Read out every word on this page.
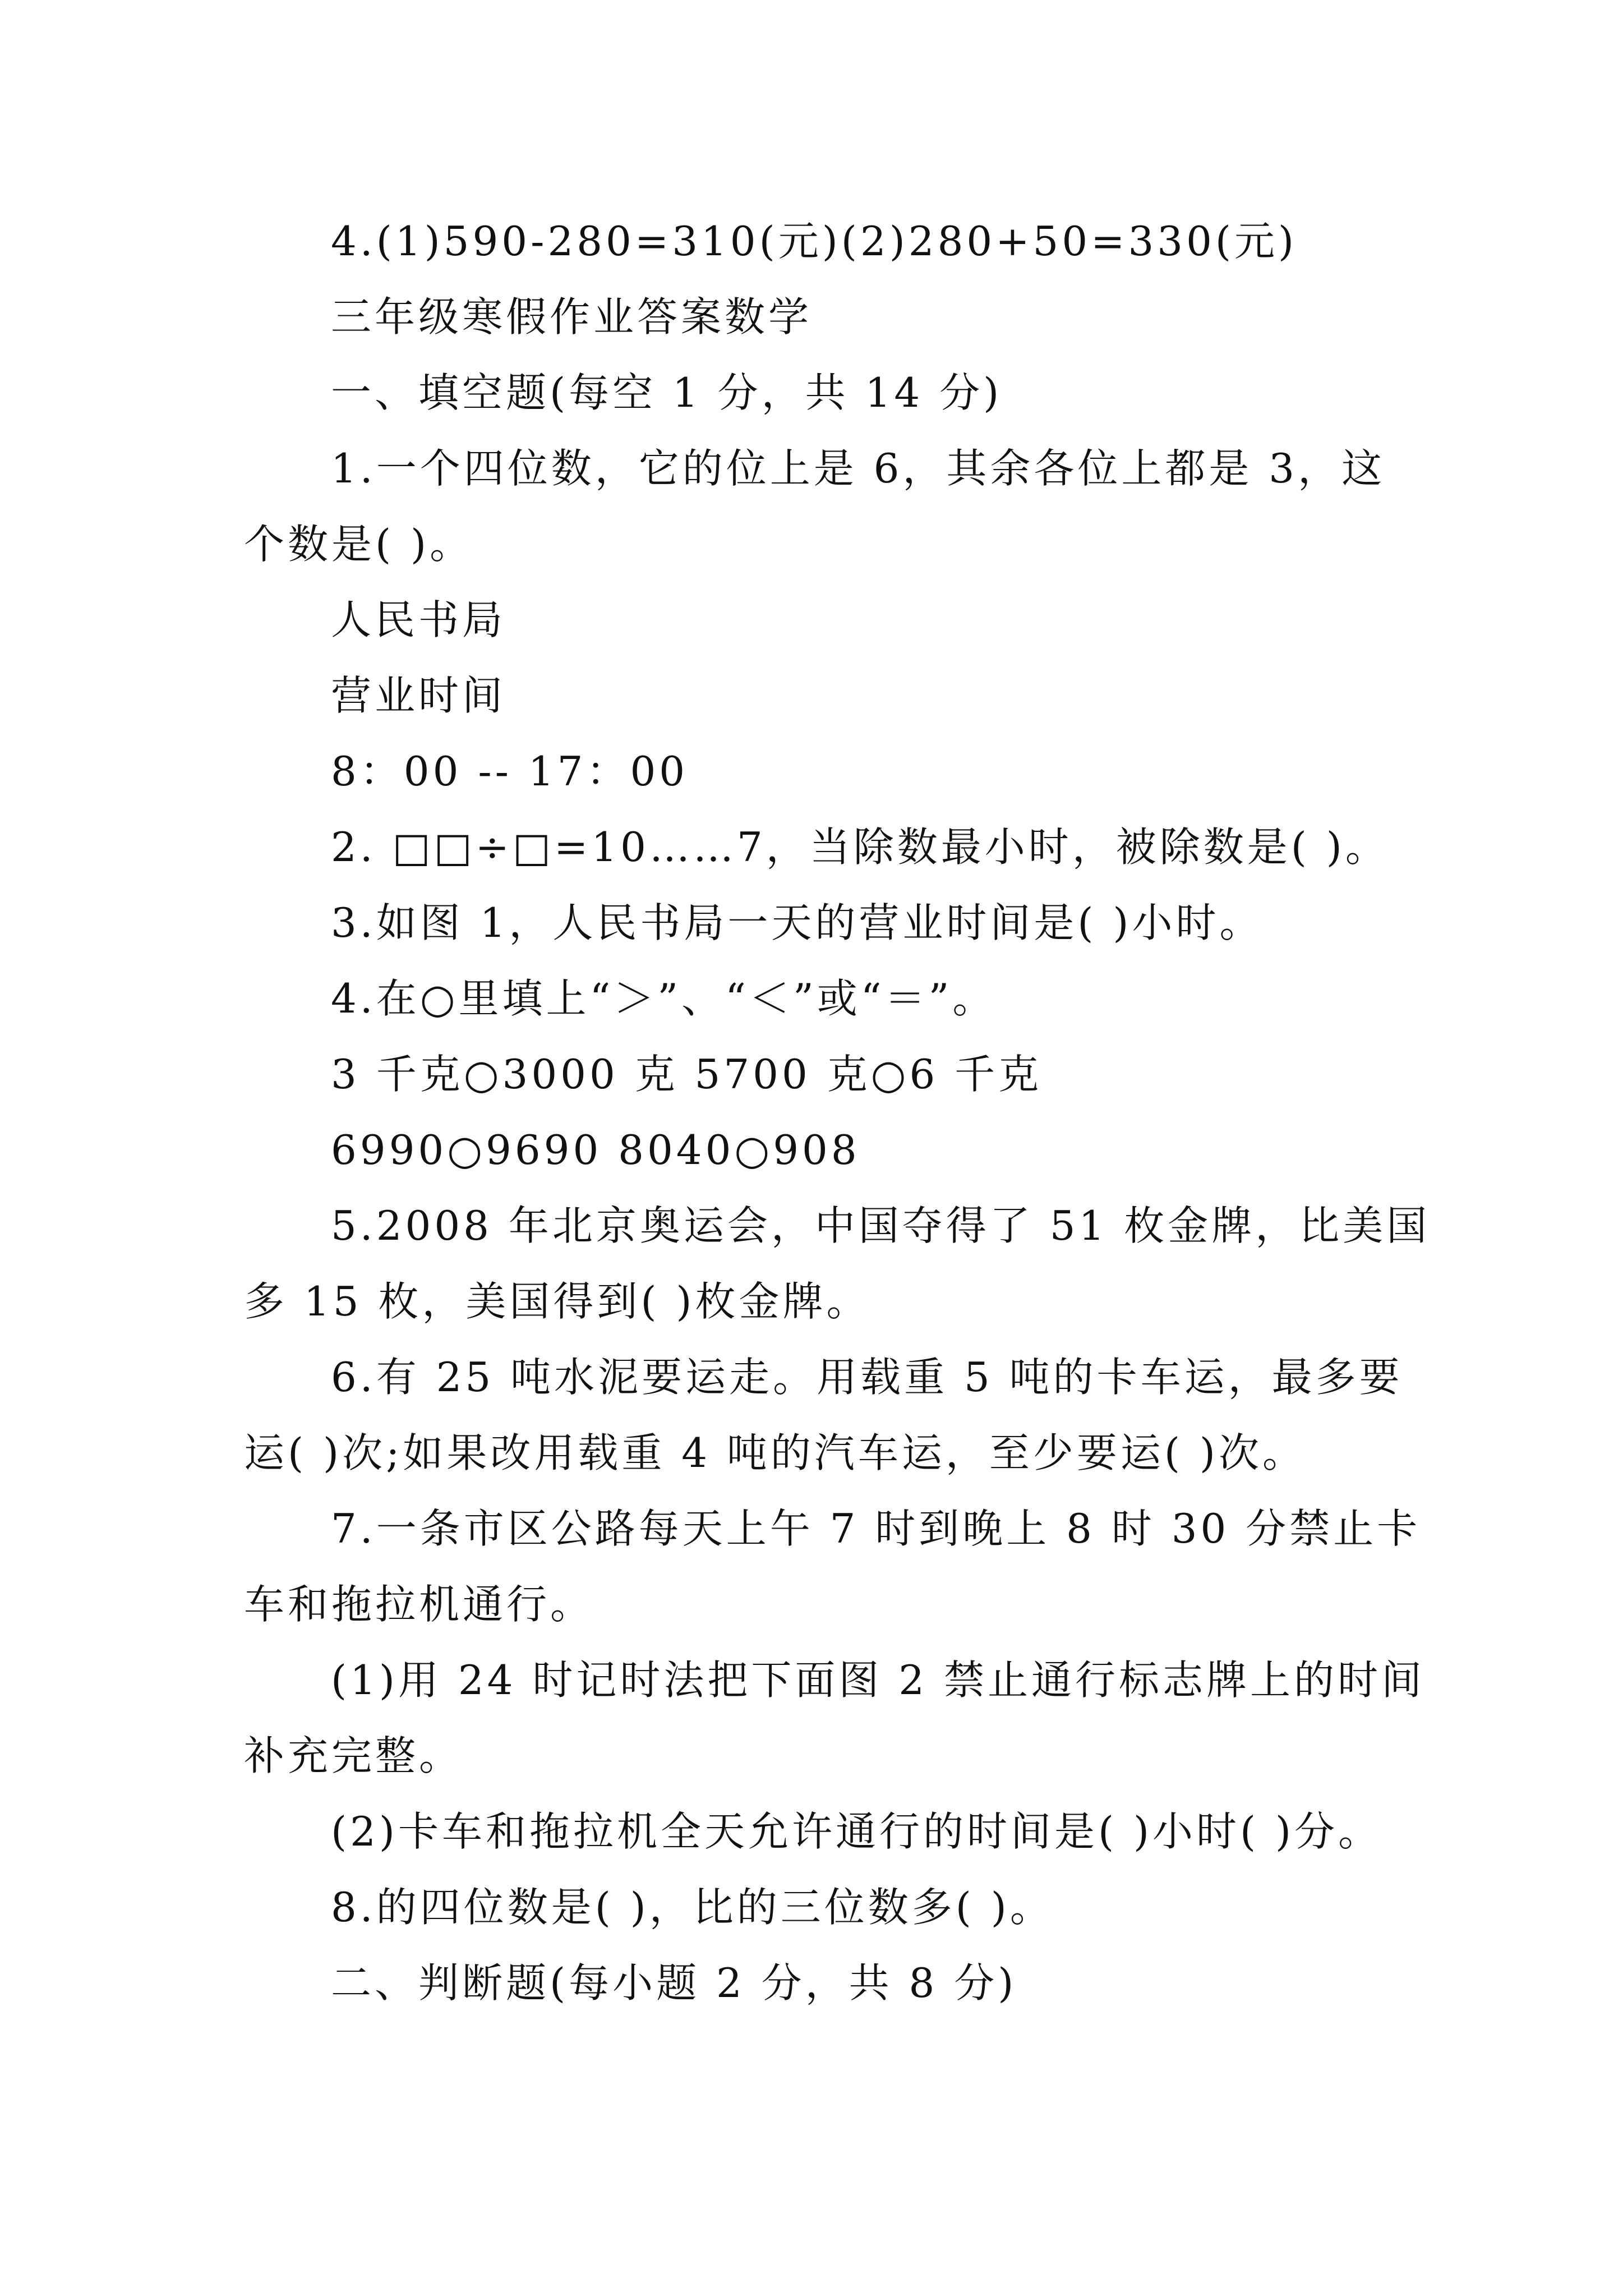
4.(1)590-280=310(元)(2)280+50=330(元)
三年级寒假作业答案数学
一、填空题(每空 1 分，共 14 分)
1.一个四位数，它的位上是 6，其余各位上都是 3，这
个数是( )。
人民书局
营业时间
8：00 -- 17：00
2. □□÷□=10……7，当除数最小时，被除数是( )。
3.如图 1，人民书局一天的营业时间是( )小时。
4.在○里填上“＞”、“＜”或“＝”。
3 千克○3000 克 5700 克○6 千克
6990○9690 8040○908
5.2008 年北京奥运会，中国夺得了 51 枚金牌，比美国
多 15 枚，美国得到( )枚金牌。
6.有 25 吨水泥要运走。用载重 5 吨的卡车运，最多要
运( )次;如果改用载重 4 吨的汽车运，至少要运( )次。
7.一条市区公路每天上午 7 时到晚上 8 时 30 分禁止卡
车和拖拉机通行。
(1)用 24 时记时法把下面图 2 禁止通行标志牌上的时间
补充完整。
(2)卡车和拖拉机全天允许通行的时间是( )小时( )分。
8.的四位数是( )，比的三位数多( )。
二、判断题(每小题 2 分，共 8 分)
